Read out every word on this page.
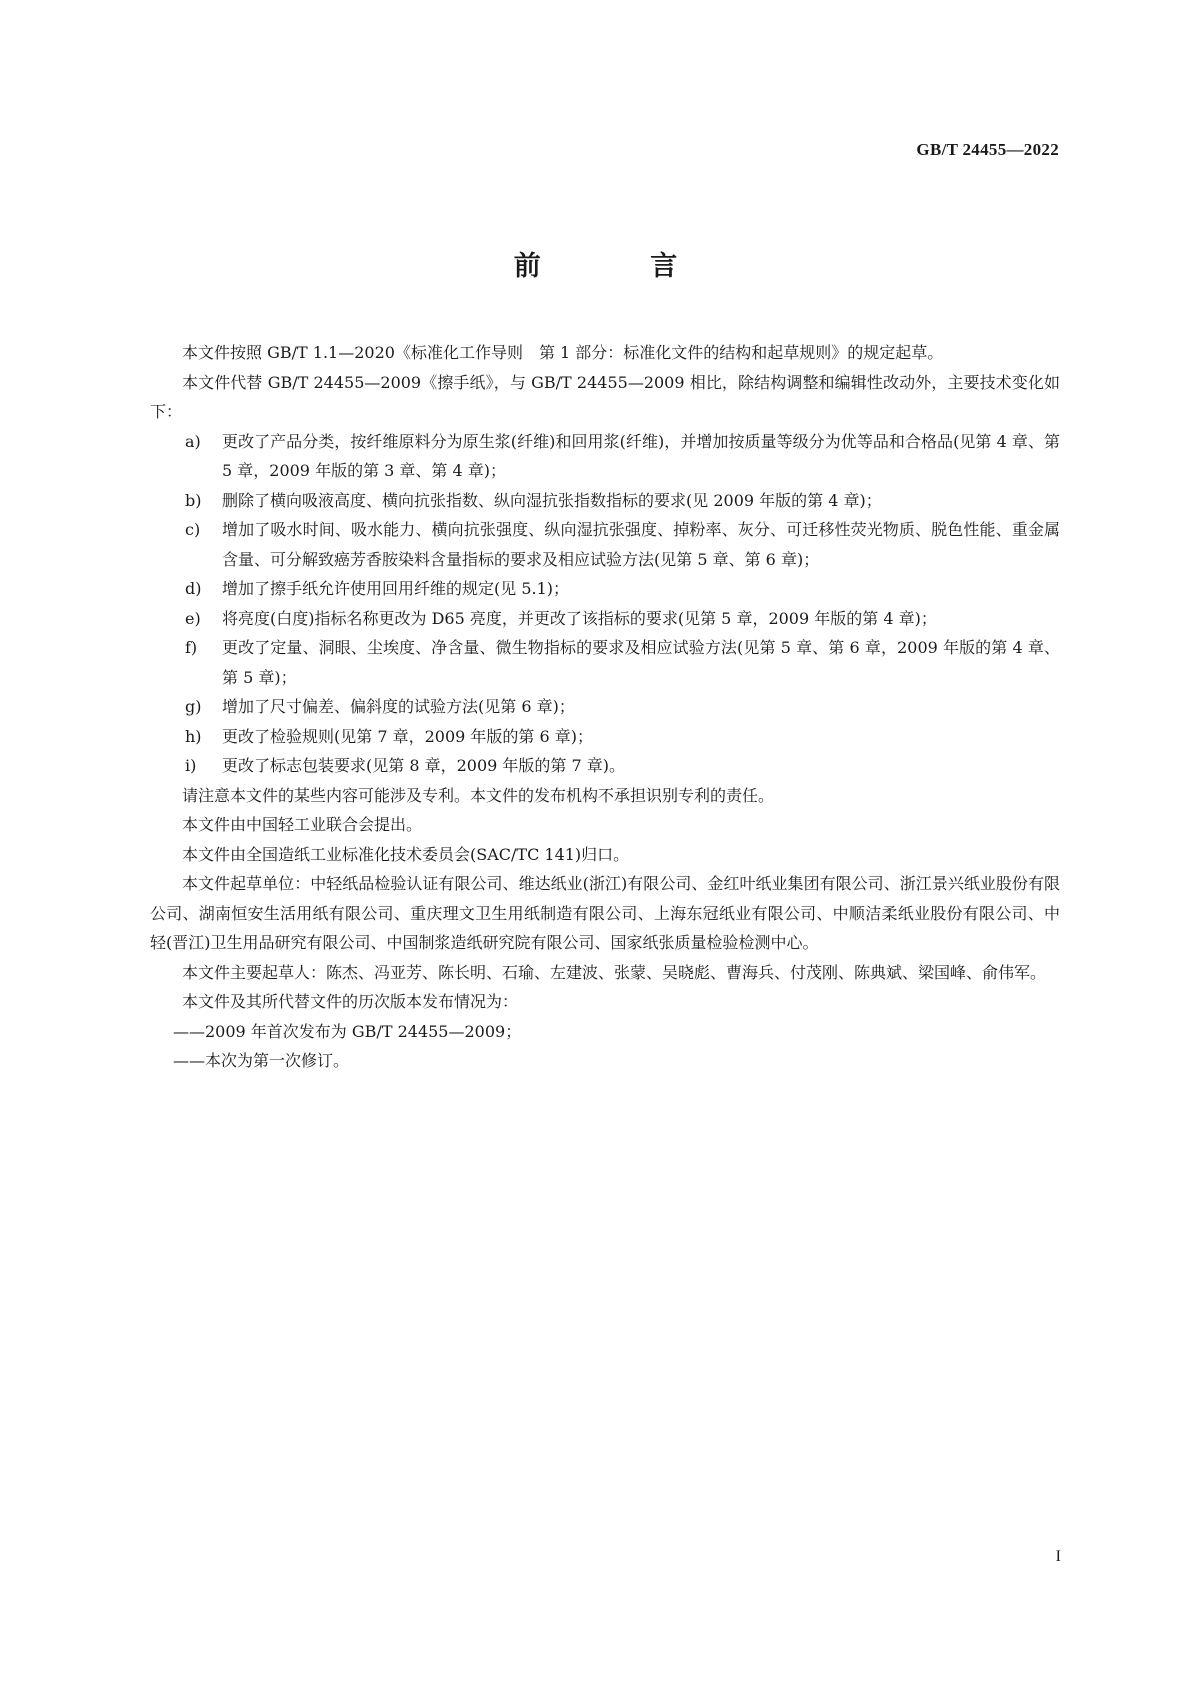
GB/T 24455—2022

前 言

本文件按照 GB/T 1.1—2020《标准化工作导则　第 1 部分：标准化文件的结构和起草规则》的规定起草。

本文件代替 GB/T 24455—2009《擦手纸》，与 GB/T 24455—2009 相比，除结构调整和编辑性改动外，主要技术变化如下：

a)	更改了产品分类，按纤维原料分为原生浆(纤维)和回用浆(纤维)，并增加按质量等级分为优等品和合格品(见第 4 章、第 5 章，2009 年版的第 3 章、第 4 章)；
b)	删除了横向吸液高度、横向抗张指数、纵向湿抗张指数指标的要求(见 2009 年版的第 4 章)；
c)	增加了吸水时间、吸水能力、横向抗张强度、纵向湿抗张强度、掉粉率、灰分、可迁移性荧光物质、脱色性能、重金属含量、可分解致癌芳香胺染料含量指标的要求及相应试验方法(见第 5 章、第 6 章)；
d)	增加了擦手纸允许使用回用纤维的规定(见 5.1)；
e)	将亮度(白度)指标名称更改为 D65 亮度，并更改了该指标的要求(见第 5 章，2009 年版的第 4 章)；
f)	更改了定量、洞眼、尘埃度、净含量、微生物指标的要求及相应试验方法(见第 5 章、第 6 章，2009 年版的第 4 章、第 5 章)；
g)	增加了尺寸偏差、偏斜度的试验方法(见第 6 章)；
h)	更改了检验规则(见第 7 章，2009 年版的第 6 章)；
i)	更改了标志包装要求(见第 8 章，2009 年版的第 7 章)。

请注意本文件的某些内容可能涉及专利。本文件的发布机构不承担识别专利的责任。

本文件由中国轻工业联合会提出。

本文件由全国造纸工业标准化技术委员会(SAC/TC 141)归口。

本文件起草单位：中轻纸品检验认证有限公司、维达纸业(浙江)有限公司、金红叶纸业集团有限公司、浙江景兴纸业股份有限公司、湖南恒安生活用纸有限公司、重庆理文卫生用纸制造有限公司、上海东冠纸业有限公司、中顺洁柔纸业股份有限公司、中轻(晋江)卫生用品研究有限公司、中国制浆造纸研究院有限公司、国家纸张质量检验检测中心。

本文件主要起草人：陈杰、冯亚芳、陈长明、石瑜、左建波、张蒙、吴晓彪、曹海兵、付茂刚、陈典斌、梁国峰、俞伟军。

本文件及其所代替文件的历次版本发布情况为：

——2009 年首次发布为 GB/T 24455—2009；

——本次为第一次修订。

I
